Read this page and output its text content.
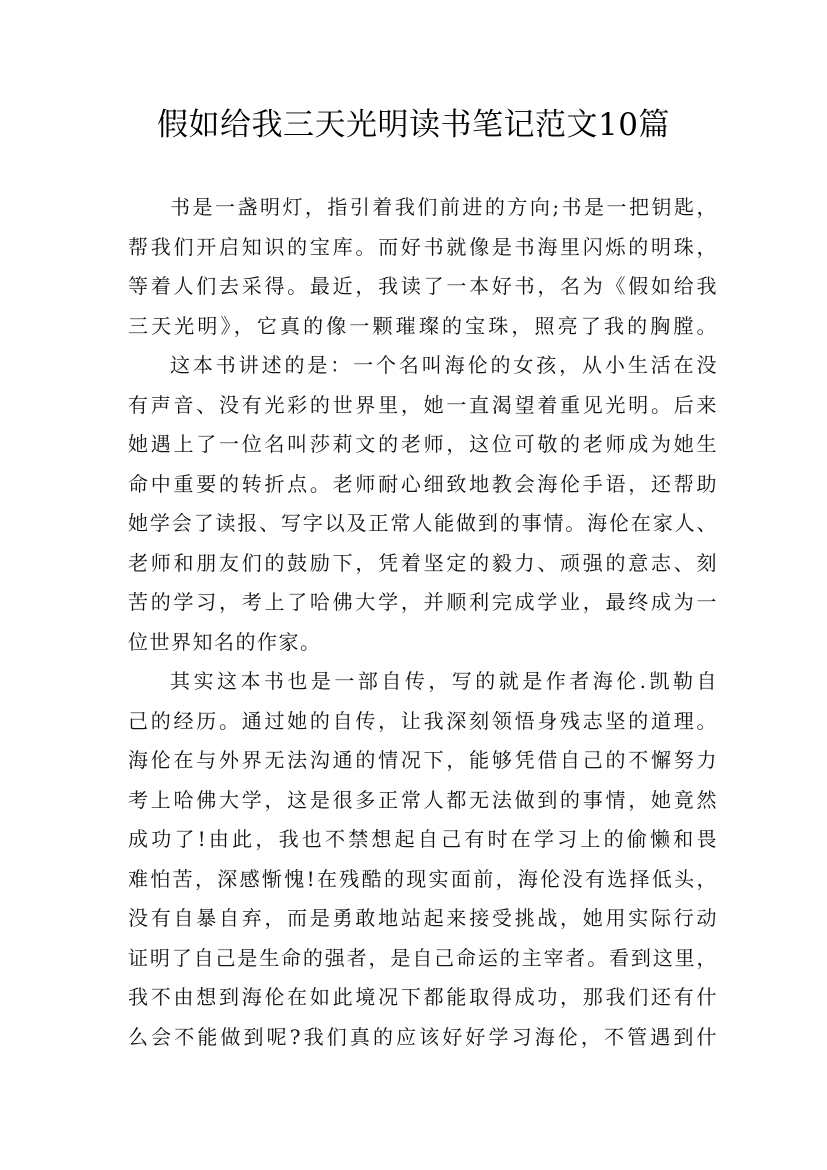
假如给我三天光明读书笔记范文10篇
书是一盏明灯，指引着我们前进的方向;书是一把钥匙，
帮我们开启知识的宝库。而好书就像是书海里闪烁的明珠，
等着人们去采得。最近，我读了一本好书，名为《假如给我
三天光明》，它真的像一颗璀璨的宝珠，照亮了我的胸膛。
这本书讲述的是：一个名叫海伦的女孩，从小生活在没
有声音、没有光彩的世界里，她一直渴望着重见光明。后来
她遇上了一位名叫莎莉文的老师，这位可敬的老师成为她生
命中重要的转折点。老师耐心细致地教会海伦手语，还帮助
她学会了读报、写字以及正常人能做到的事情。海伦在家人、
老师和朋友们的鼓励下，凭着坚定的毅力、顽强的意志、刻
苦的学习，考上了哈佛大学，并顺利完成学业，最终成为一
位世界知名的作家。
其实这本书也是一部自传，写的就是作者海伦.凯勒自
己的经历。通过她的自传，让我深刻领悟身残志坚的道理。
海伦在与外界无法沟通的情况下，能够凭借自己的不懈努力
考上哈佛大学，这是很多正常人都无法做到的事情，她竟然
成功了!由此，我也不禁想起自己有时在学习上的偷懒和畏
难怕苦，深感惭愧!在残酷的现实面前，海伦没有选择低头，
没有自暴自弃，而是勇敢地站起来接受挑战，她用实际行动
证明了自己是生命的强者，是自己命运的主宰者。看到这里，
我不由想到海伦在如此境况下都能取得成功，那我们还有什
么会不能做到呢?我们真的应该好好学习海伦，不管遇到什
